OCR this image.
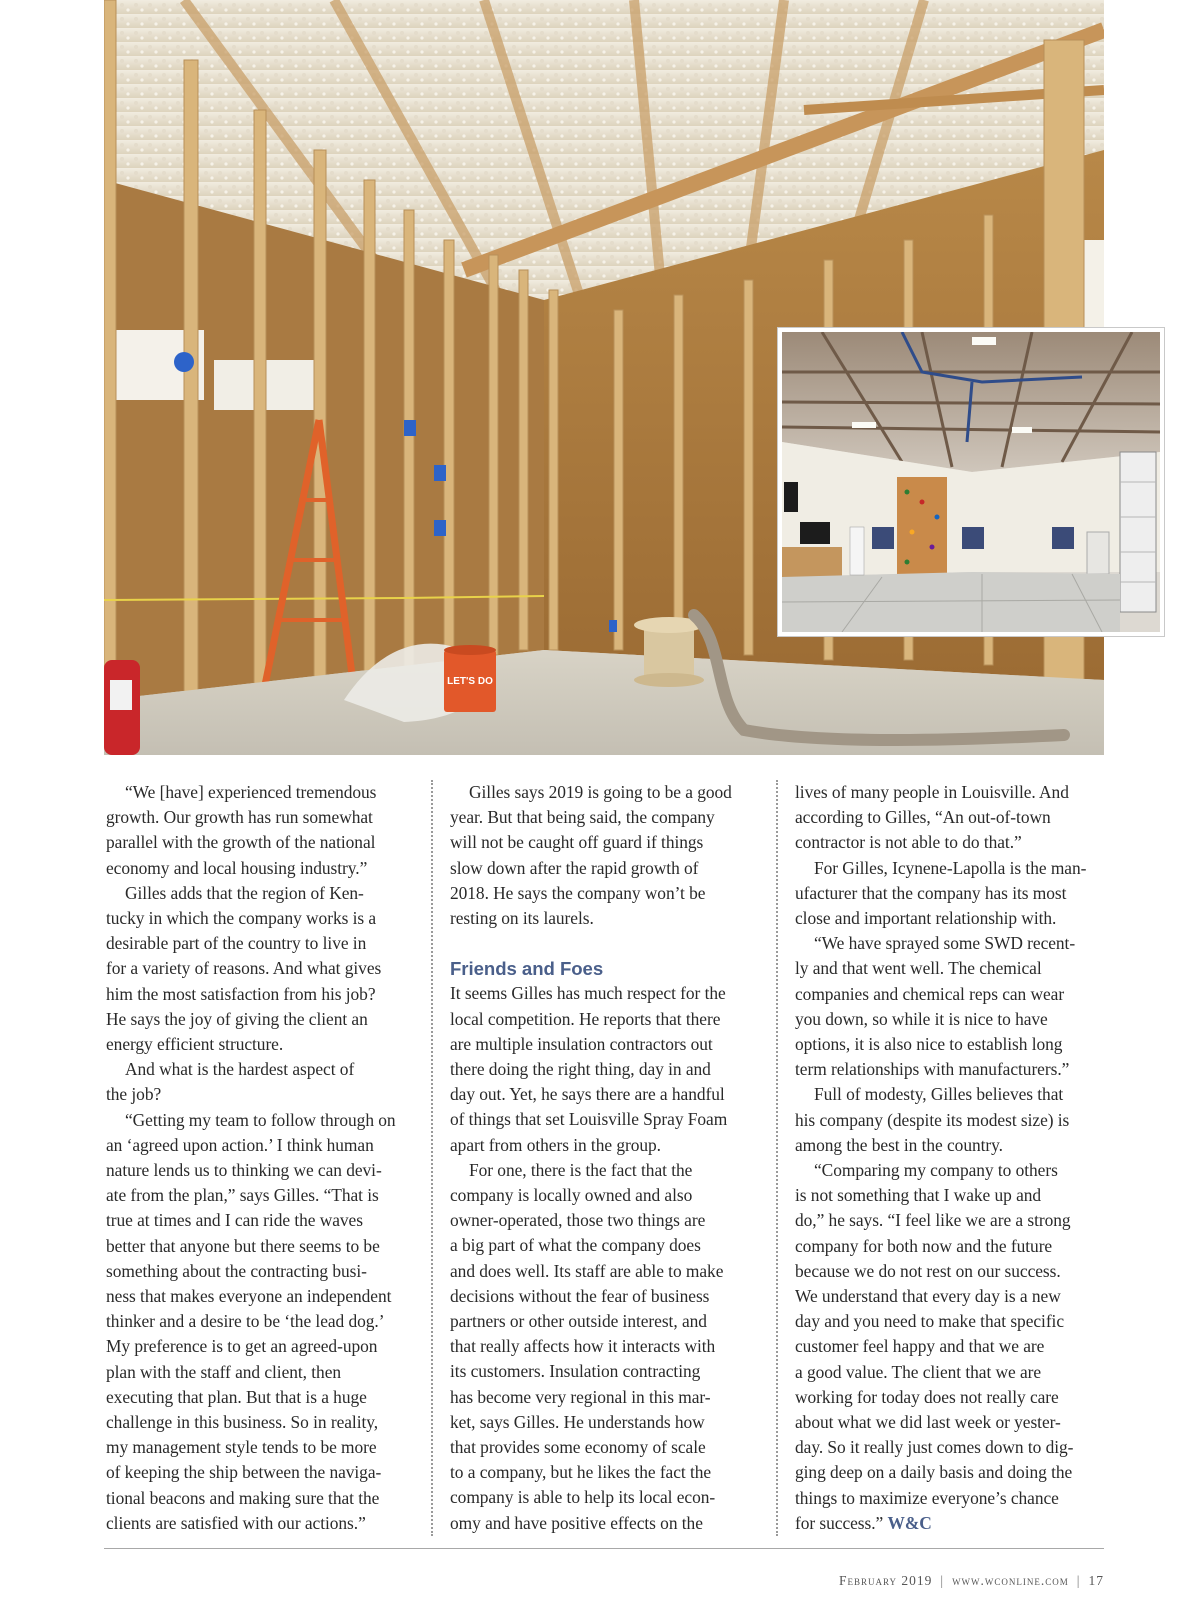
LET'S DO
“We [have] experienced tremendous
growth. Our growth has run somewhat
parallel with the growth of the national
economy and local housing industry.”
Gilles adds that the region of Ken-
tucky in which the company works is a
desirable part of the country to live in
for a variety of reasons. And what gives
him the most satisfaction from his job?
He says the joy of giving the client an
energy efficient structure.
And what is the hardest aspect of
the job?
“Getting my team to follow through on
an ‘agreed upon action.’ I think human
nature lends us to thinking we can devi-
ate from the plan,” says Gilles. “That is
true at times and I can ride the waves
better that anyone but there seems to be
something about the contracting busi-
ness that makes everyone an independent
thinker and a desire to be ‘the lead dog.’
My preference is to get an agreed-upon
plan with the staff and client, then
executing that plan. But that is a huge
challenge in this business. So in reality,
my management style tends to be more
of keeping the ship between the naviga-
tional beacons and making sure that the
clients are satisfied with our actions.”
Gilles says 2019 is going to be a good
year. But that being said, the company
will not be caught off guard if things
slow down after the rapid growth of
2018. He says the company won’t be
resting on its laurels.
Friends and Foes
It seems Gilles has much respect for the
local competition. He reports that there
are multiple insulation contractors out
there doing the right thing, day in and
day out. Yet, he says there are a handful
of things that set Louisville Spray Foam
apart from others in the group.
For one, there is the fact that the
company is locally owned and also
owner-operated, those two things are
a big part of what the company does
and does well. Its staff are able to make
decisions without the fear of business
partners or other outside interest, and
that really affects how it interacts with
its customers. Insulation contracting
has become very regional in this mar-
ket, says Gilles. He understands how
that provides some economy of scale
to a company, but he likes the fact the
company is able to help its local econ-
omy and have positive effects on the
lives of many people in Louisville. And
according to Gilles, “An out-of-town
contractor is not able to do that.”
For Gilles, Icynene-Lapolla is the man-
ufacturer that the company has its most
close and important relationship with.
“We have sprayed some SWD recent-
ly and that went well. The chemical
companies and chemical reps can wear
you down, so while it is nice to have
options, it is also nice to establish long
term relationships with manufacturers.”
Full of modesty, Gilles believes that
his company (despite its modest size) is
among the best in the country.
“Comparing my company to others
is not something that I wake up and
do,” he says. “I feel like we are a strong
company for both now and the future
because we do not rest on our success.
We understand that every day is a new
day and you need to make that specific
customer feel happy and that we are
a good value. The client that we are
working for today does not really care
about what we did last week or yester-
day. So it really just comes down to dig-
ging deep on a daily basis and doing the
things to maximize everyone’s chance
for success.” W&C
February 2019 | www.wconline.com | 17
